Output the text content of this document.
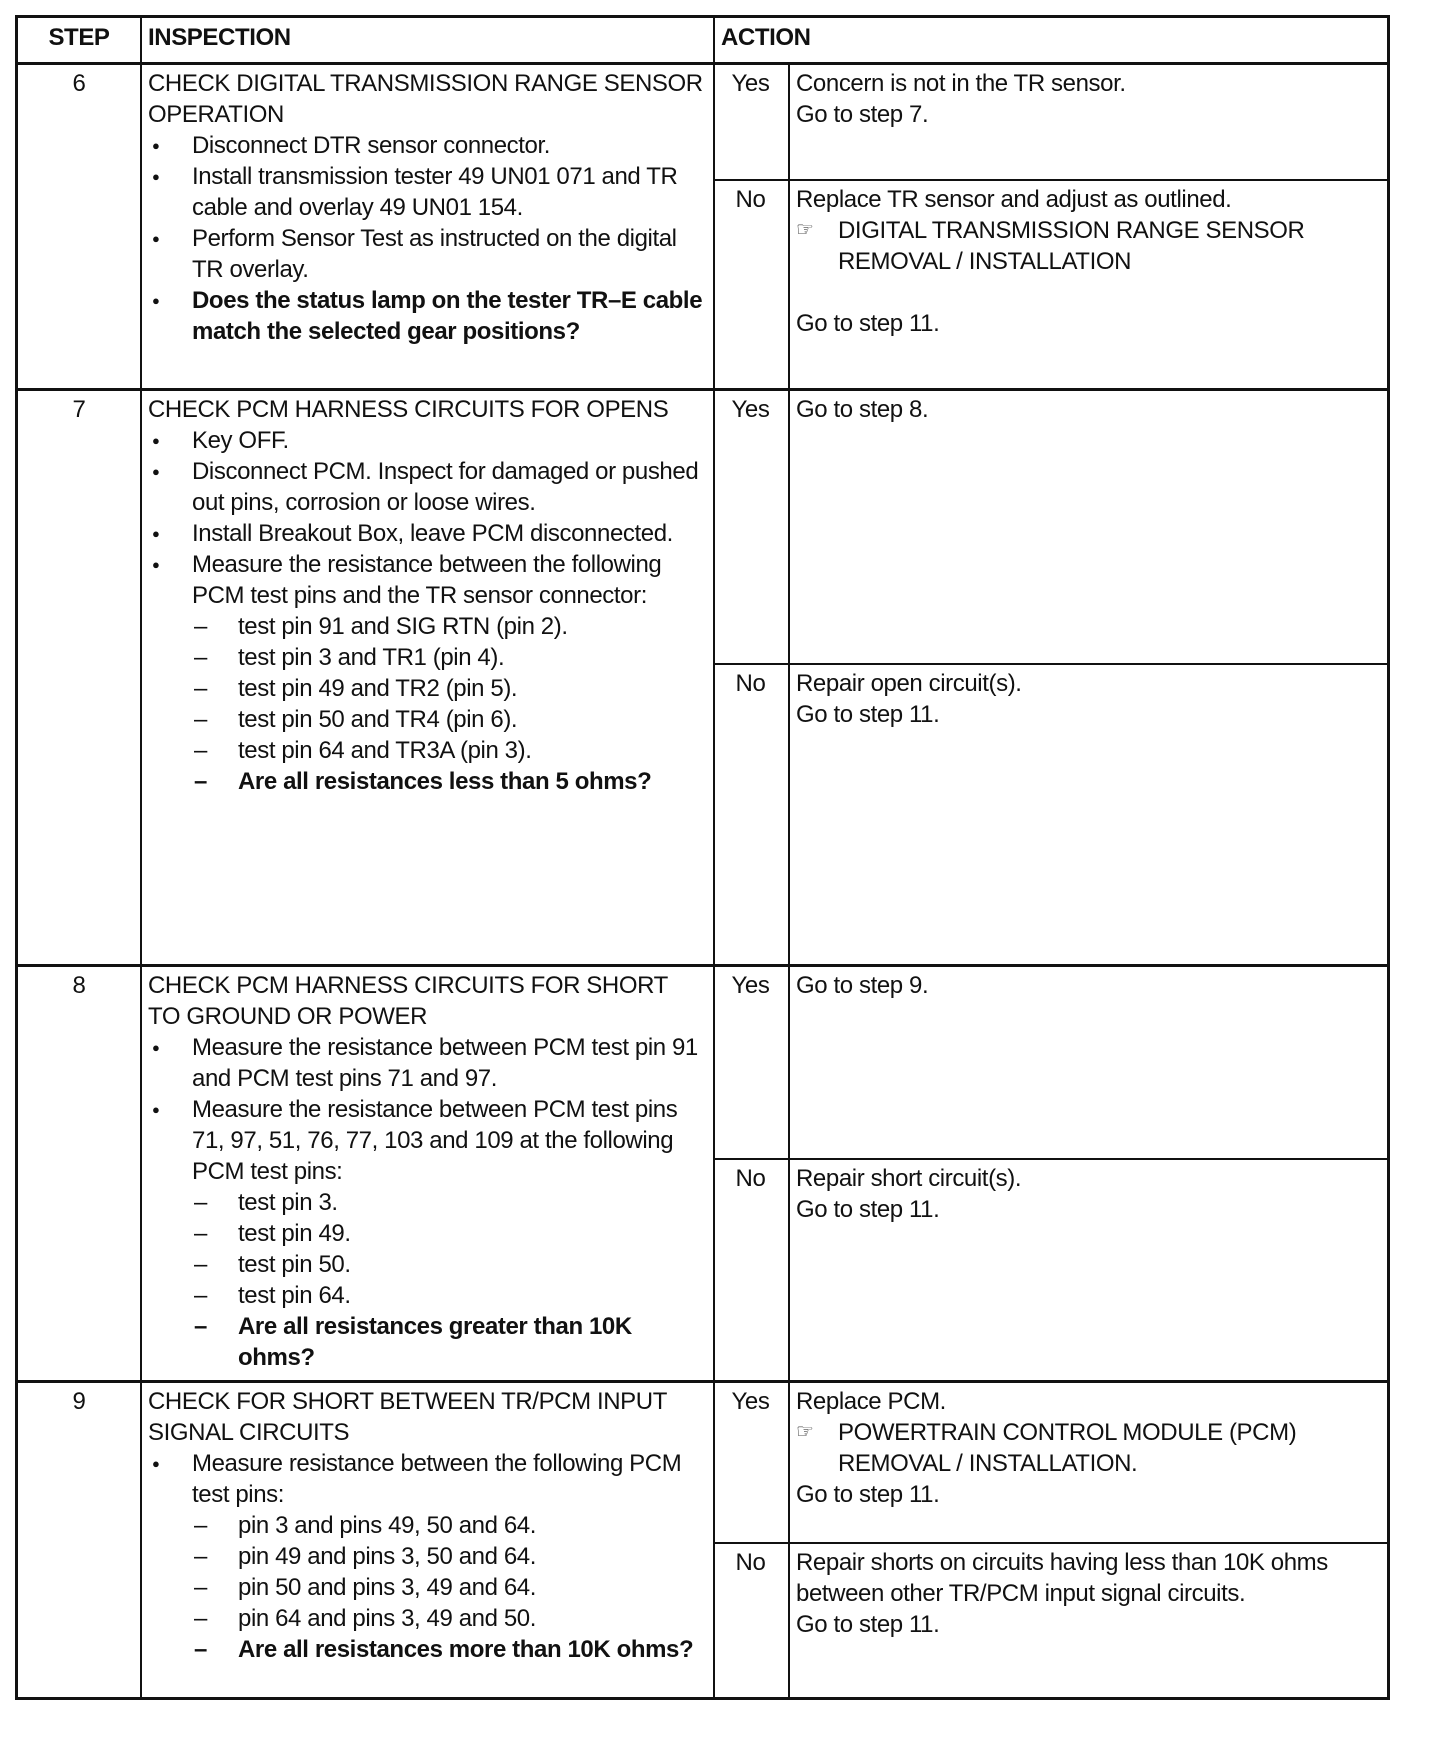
STEP	INSPECTION	ACTION
6	CHECK DIGITAL TRANSMISSION RANGE SENSOR OPERATION
● Disconnect DTR sensor connector.
● Install transmission tester 49 UN01 071 and TR cable and overlay 49 UN01 154.
● Perform Sensor Test as instructed on the digital TR overlay.
● Does the status lamp on the tester TR–E cable match the selected gear positions?
Yes	Concern is not in the TR sensor.
Go to step 7.
No	Replace TR sensor and adjust as outlined.
☞ DIGITAL TRANSMISSION RANGE SENSOR REMOVAL / INSTALLATION
Go to step 11.
7	CHECK PCM HARNESS CIRCUITS FOR OPENS
● Key OFF.
● Disconnect PCM. Inspect for damaged or pushed out pins, corrosion or loose wires.
● Install Breakout Box, leave PCM disconnected.
● Measure the resistance between the following PCM test pins and the TR sensor connector:
– test pin 91 and SIG RTN (pin 2).
– test pin 3 and TR1 (pin 4).
– test pin 49 and TR2 (pin 5).
– test pin 50 and TR4 (pin 6).
– test pin 64 and TR3A (pin 3).
– Are all resistances less than 5 ohms?
Yes	Go to step 8.
No	Repair open circuit(s).
Go to step 11.
8	CHECK PCM HARNESS CIRCUITS FOR SHORT TO GROUND OR POWER
● Measure the resistance between PCM test pin 91 and PCM test pins 71 and 97.
● Measure the resistance between PCM test pins 71, 97, 51, 76, 77, 103 and 109 at the following PCM test pins:
– test pin 3.
– test pin 49.
– test pin 50.
– test pin 64.
– Are all resistances greater than 10K ohms?
Yes	Go to step 9.
No	Repair short circuit(s).
Go to step 11.
9	CHECK FOR SHORT BETWEEN TR/PCM INPUT SIGNAL CIRCUITS
● Measure resistance between the following PCM test pins:
– pin 3 and pins 49, 50 and 64.
– pin 49 and pins 3, 50 and 64.
– pin 50 and pins 3, 49 and 64.
– pin 64 and pins 3, 49 and 50.
– Are all resistances more than 10K ohms?
Yes	Replace PCM.
☞ POWERTRAIN CONTROL MODULE (PCM) REMOVAL / INSTALLATION.
Go to step 11.
No	Repair shorts on circuits having less than 10K ohms between other TR/PCM input signal circuits.
Go to step 11.
